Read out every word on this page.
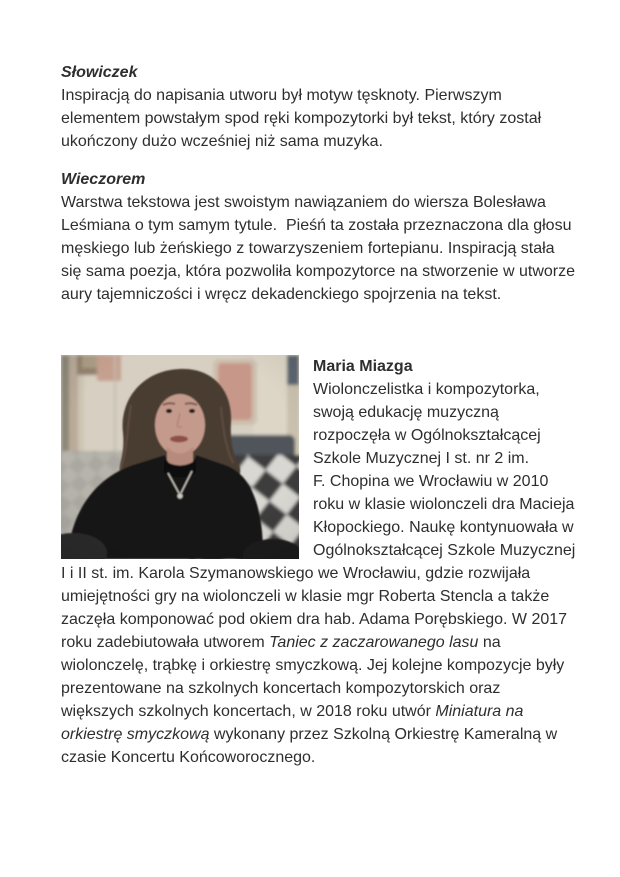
Słowiczek

Inspiracją do napisania utworu był motyw tęsknoty. Pierwszym elementem powstałym spod ręki kompozytorki był tekst, który został ukończony dużo wcześniej niż sama muzyka.

Wieczorem

Warstwa tekstowa jest swoistym nawiązaniem do wiersza Bolesława Leśmiana o tym samym tytule.  Pieśń ta została przeznaczona dla głosu męskiego lub żeńskiego z towarzyszeniem fortepianu. Inspiracją stała się sama poezja, która pozwoliła kompozytorce na stworzenie w utworze aury tajemniczości i wręcz dekadenckiego spojrzenia na tekst.

Maria Miazga

Wiolonczelistka i kompozytorka, swoją edukację muzyczną rozpoczęła w Ogólnokształcącej Szkole Muzycznej I st. nr 2 im. F. Chopina we Wrocławiu w 2010 roku w klasie wiolonczeli dra Macieja Kłopockiego. Naukę kontynuowała w Ogólnokształcącej Szkole Muzycznej I i II st. im. Karola Szymanowskiego we Wrocławiu, gdzie rozwijała umiejętności gry na wiolonczeli w klasie mgr Roberta Stencla a także zaczęła komponować pod okiem dra hab. Adama Porębskiego. W 2017 roku zadebiutowała utworem Taniec z zaczarowanego lasu na wiolonczelę, trąbkę i orkiestrę smyczkową. Jej kolejne kompozycje były prezentowane na szkolnych koncertach kompozytorskich oraz większych szkolnych koncertach, w 2018 roku utwór Miniatura na orkiestrę smyczkową wykonany przez Szkolną Orkiestrę Kameralną w czasie Koncertu Końcoworocznego.
